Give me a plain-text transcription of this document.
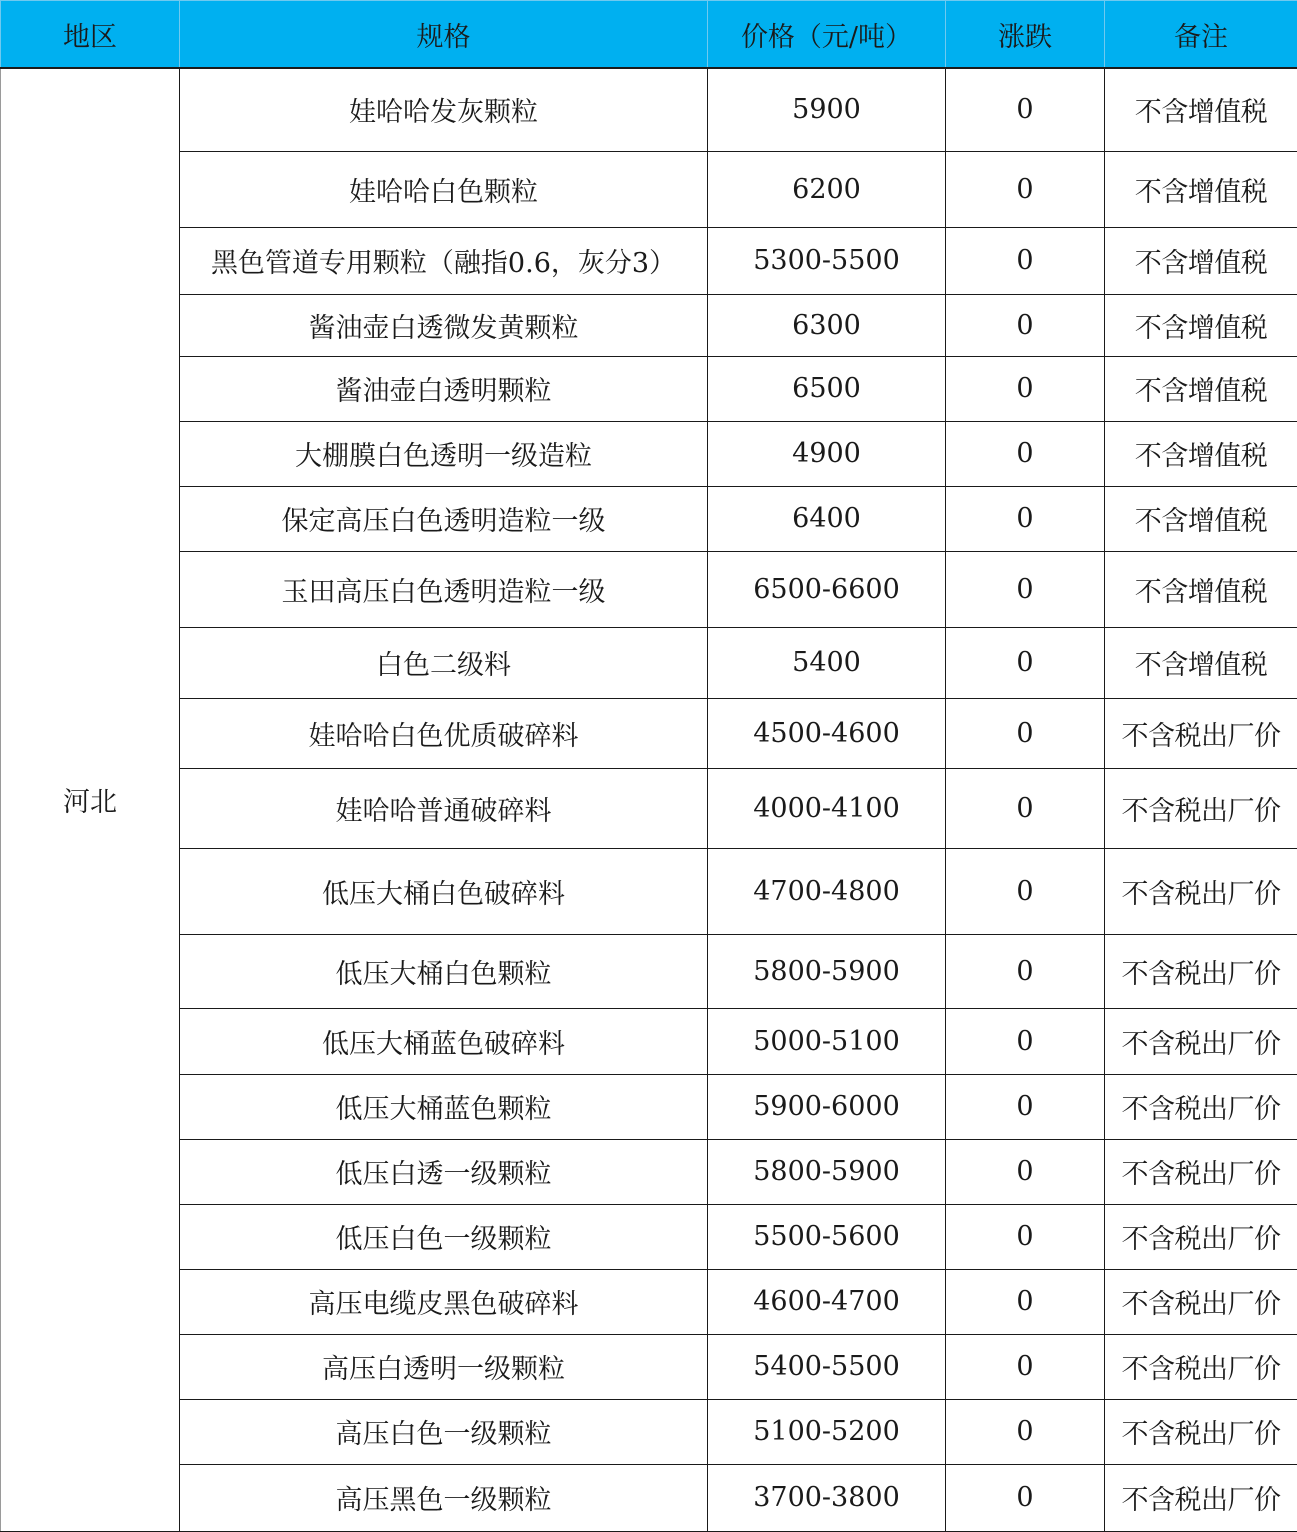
地区	规格	价格（元/吨）	涨跌	备注
河北	娃哈哈发灰颗粒	5900	0	不含增值税
	娃哈哈白色颗粒	6200	0	不含增值税
	黑色管道专用颗粒（融指0.6，灰分3）	5300-5500	0	不含增值税
	酱油壶白透微发黄颗粒	6300	0	不含增值税
	酱油壶白透明颗粒	6500	0	不含增值税
	大棚膜白色透明一级造粒	4900	0	不含增值税
	保定高压白色透明造粒一级	6400	0	不含增值税
	玉田高压白色透明造粒一级	6500-6600	0	不含增值税
	白色二级料	5400	0	不含增值税
	娃哈哈白色优质破碎料	4500-4600	0	不含税出厂价
	娃哈哈普通破碎料	4000-4100	0	不含税出厂价
	低压大桶白色破碎料	4700-4800	0	不含税出厂价
	低压大桶白色颗粒	5800-5900	0	不含税出厂价
	低压大桶蓝色破碎料	5000-5100	0	不含税出厂价
	低压大桶蓝色颗粒	5900-6000	0	不含税出厂价
	低压白透一级颗粒	5800-5900	0	不含税出厂价
	低压白色一级颗粒	5500-5600	0	不含税出厂价
	高压电缆皮黑色破碎料	4600-4700	0	不含税出厂价
	高压白透明一级颗粒	5400-5500	0	不含税出厂价
	高压白色一级颗粒	5100-5200	0	不含税出厂价
	高压黑色一级颗粒	3700-3800	0	不含税出厂价
